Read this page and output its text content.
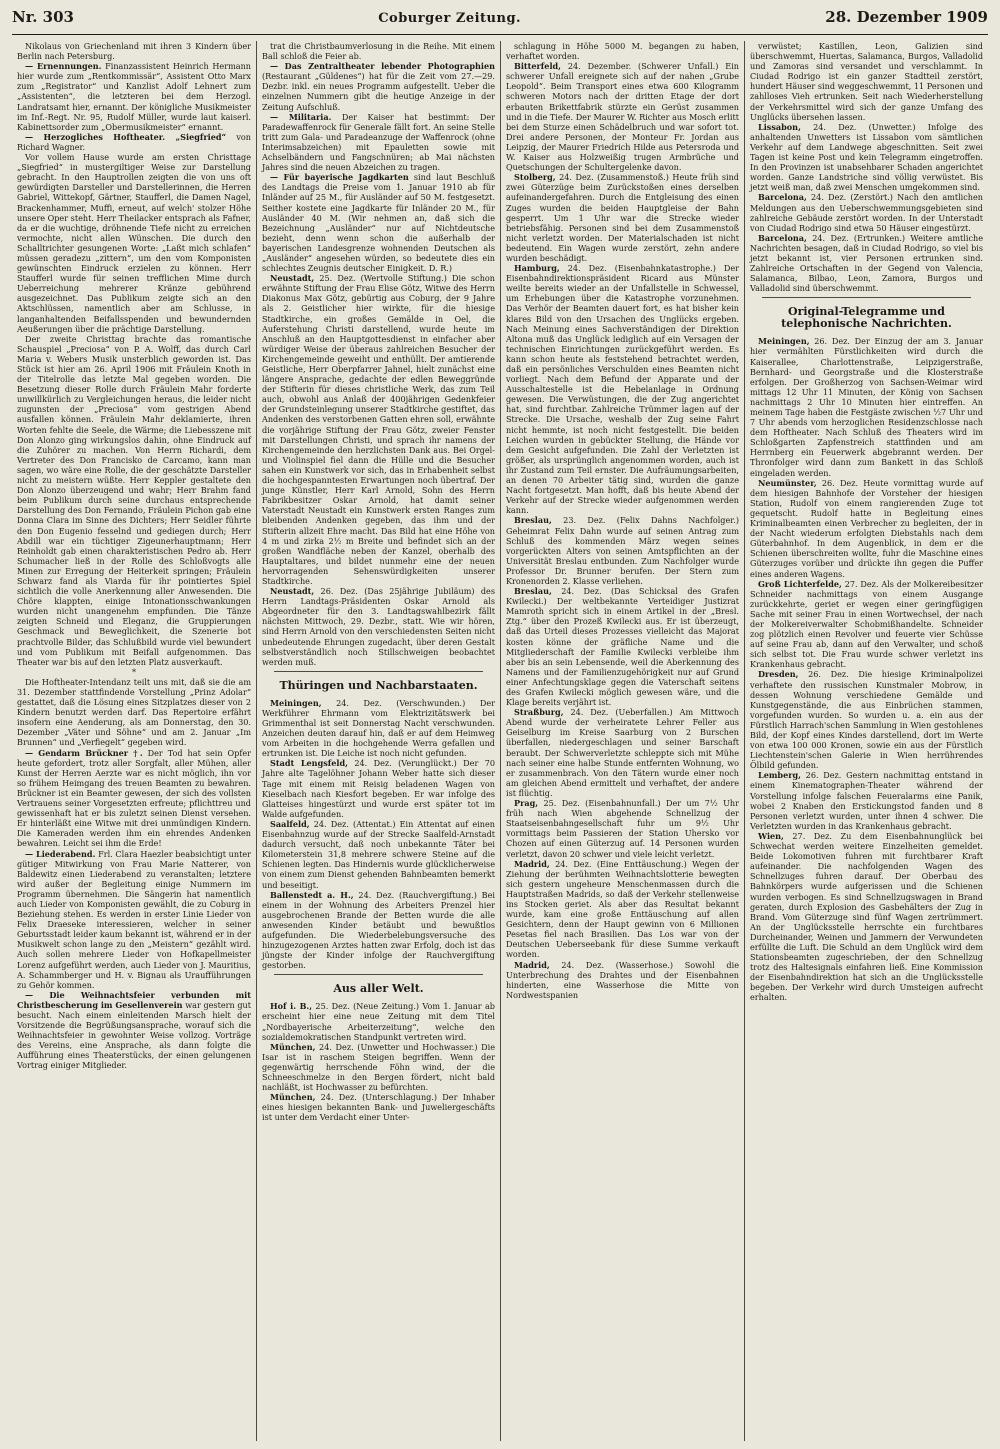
Nr. 303	Coburger Zeitung.	28. Dezember 1909

Nikolaus von Griechenland mit ihren 3 Kindern über Berlin nach Petersburg.

— Ernennungen. Finanzassistent Heinrich Hermann hier wurde zum „Rentkommissär“, Assistent Otto Marx zum „Registrator“ und Kanzlist Adolf Lehnert zum „Assistenten“, die letzteren bei dem Herzogl. Landratsamt hier, ernannt. Der königliche Musikmeister im Inf.-Regt. Nr. 95, Rudolf Müller, wurde laut kaiserl. Kabinettsorder zum „Obermusikmeister“ ernannt.

— Herzogliches Hoftheater. „Siegfried“ von Richard Wagner.

Vor vollem Hause wurde am ersten Christtage „Siegfried“ in mustergiltiger Weise zur Darstellung gebracht. In den Hauptrollen zeigten die von uns oft gewürdigten Darsteller und Darstellerinnen, die Herren Gabriel, Wittekopf, Gärtner, Staufferl, die Damen Nagel, Brackenhammer, Muffi, erneut, auf welch' stolzer Höhe unsere Oper steht. Herr Theilacker entsprach als Fafner, da er die wuchtige, dröhnende Tiefe nicht zu erreichen vermochte, nicht allen Wünschen. Die durch den Schalltrichter gesungenen Worte: „Laßt mich schlafen“ müssen geradezu „zittern“, um den vom Komponisten gewünschten Eindruck erzielen zu können. Herr Staufferl wurde für seinen trefflichen Mime durch Ueberreichung mehrerer Kränze gebührend ausgezeichnet. Das Publikum zeigte sich an den Aktschlüssen, namentlich aber am Schlusse, in langanhaltenden Beifallsspenden und bewundernden Aeußerungen über die prächtige Darstellung.

Der zweite Christtag brachte das romantische Schauspiel „Preciosa“ von P. A. Wolff, das durch Carl Maria v. Webers Musik unsterblich geworden ist. Das Stück ist hier am 26. April 1906 mit Fräulein Knoth in der Titelrolle das letzte Mal gegeben worden. Die Besetzung dieser Rolle durch Fräulein Mahr forderte unwillkürlich zu Vergleichungen heraus, die leider nicht zugunsten der „Preciosa“ vom gestrigen Abend ausfallen können. Fräulein Mahr deklamierte, ihren Worten fehlte die Seele, die Wärme; die Liebesszene mit Don Alonzo ging wirkungslos dahin, ohne Eindruck auf die Zuhörer zu machen. Von Herrn Richardi, dem Vertreter des Don Francisko de Carcamo, kann man sagen, wo wäre eine Rolle, die der geschätzte Darsteller nicht zu meistern wüßte. Herr Keppler gestaltete den Don Alonzo überzeugend und wahr; Herr Brahm fand beim Publikum durch seine durchaus entsprechende Darstellung des Don Fernando, Fräulein Pichon gab eine Donna Clara im Sinne des Dichters; Herr Seidler führte den Don Eugenio fesselnd und gediegen durch; Herr Abdill war ein tüchtiger Zigeunerhauptmann; Herr Reinholdt gab einen charakteristischen Pedro ab. Herr Schumacher ließ in der Rolle des Schloßvogts alle Minen zur Erregung der Heiterkeit springen; Fräulein Schwarz fand als Viarda für ihr pointiertes Spiel sichtlich die volle Anerkennung aller Anwesenden. Die Chöre klappten, einige Intonationsschwankungen wurden nicht unangenehm empfunden. Die Tänze zeigten Schneid und Eleganz, die Gruppierungen Geschmack und Beweglichkeit, die Szenerie bot prachtvolle Bilder, das Schlußbild wurde viel bewundert und vom Publikum mit Beifall aufgenommen. Das Theater war bis auf den letzten Platz ausverkauft.

*

Die Hoftheater-Intendanz teilt uns mit, daß sie die am 31. Dezember stattfindende Vorstellung „Prinz Adolar“ gestattet, daß die Lösung eines Sitzplatzes dieser von 2 Kindern benutzt werden darf. Das Repertoire erfährt insofern eine Aenderung, als am Donnerstag, den 30. Dezember „Väter und Söhne“ und am 2. Januar „Im Brunnen“ und „Verfiegelt“ gegeben wird.

— Gendarm Brückner †. Der Tod hat sein Opfer heute gefordert, trotz aller Sorgfalt, aller Mühen, aller Kunst der Herren Aerzte war es nicht möglich, ihn vor so frühem Heimgang des treuen Beamten zu bewahren. Brückner ist ein Beamter gewesen, der sich des vollsten Vertrauens seiner Vorgesetzten erfreute; pflichttreu und gewissenhaft hat er bis zuletzt seinen Dienst versehen. Er hinterläßt eine Witwe mit drei unmündigen Kindern. Die Kameraden werden ihm ein ehrendes Andenken bewahren. Leicht sei ihm die Erde!

— Liederabend. Frl. Clara Haezler beabsichtigt unter gütiger Mitwirkung von Frau Marie Natterer, von Baldewitz einen Liederabend zu veranstalten; letztere wird außer der Begleitung einige Nummern im Programm übernehmen. Die Sängerin hat namentlich auch Lieder von Komponisten gewählt, die zu Coburg in Beziehung stehen. Es werden in erster Linie Lieder von Felix Draeseke interessieren, welcher in seiner Geburtsstadt leider kaum bekannt ist, während er in der Musikwelt schon lange zu den „Meistern“ gezählt wird. Auch sollen mehrere Lieder von Hofkapellmeister Lorenz aufgeführt werden, auch Lieder von J. Mauritius, A. Schammberger und H. v. Bignau als Uraufführungen zu Gehör kommen.

— Die Weihnachtsfeier verbunden mit Christbescherung im Gesellenverein war gestern gut besucht. Nach einem einleitenden Marsch hielt der Vorsitzende die Begrüßungsansprache, worauf sich die Weihnachtsfeier in gewohnter Weise vollzog. Vorträge des Vereins, eine Ansprache, als dann folgte die Aufführung eines Theaterstücks, der einen gelungenen Vortrag einiger Mitglieder.

trat die Christbaumverlosung in die Reihe. Mit einem Ball schloß die Feier ab.

— Das Zentraltheater lebender Photographien (Restaurant „Güldenes“) hat für die Zeit vom 27.—29. Dezbr. inkl. ein neues Programm aufgestellt. Ueber die einzelnen Nummern gibt die heutige Anzeige in der Zeitung Aufschluß.

— Militaria. Der Kaiser hat bestimmt: Der Paradewaffenrock für Generale fällt fort. An seine Stelle tritt zum Gala- und Paradeanzuge der Waffenrock (ohne Interimsabzeichen) mit Epauletten sowie mit Achselbändern und Fangschnüren; ab Mai nächsten Jahres sind die neuen Abzeichen zu tragen.

— Für bayerische Jagdkarten sind laut Beschluß des Landtags die Preise vom 1. Januar 1910 ab für Inländer auf 25 M., für Ausländer auf 50 M. festgesetzt. Seither kostete eine Jagdkarte für Inländer 20 M., für Ausländer 40 M. (Wir nehmen an, daß sich die Bezeichnung „Ausländer“ nur auf Nichtdeutsche bezieht, denn wenn schon die außerhalb der bayerischen Landesgrenze wohnenden Deutschen als „Ausländer“ angesehen würden, so bedeutete dies ein schlechtes Zeugnis deutscher Einigkeit. D. R.)

Neustadt, 25. Dez. (Wertvolle Stiftung.) Die schon erwähnte Stiftung der Frau Elise Götz, Witwe des Herrn Diakonus Max Götz, gebürtig aus Coburg, der 9 Jahre als 2. Geistlicher hier wirkte, für die hiesige Stadtkirche, ein großes Gemälde in Oel, die Auferstehung Christi darstellend, wurde heute im Anschluß an den Hauptgottesdienst in einfacher aber würdiger Weise der überaus zahlreichen Besucher der Kirchengemeinde geweiht und enthüllt. Der amtierende Geistliche, Herr Oberpfarrer Jahnel, hielt zunächst eine längere Ansprache, gedachte der edlen Beweggründe der Stifterin für dieses christliche Werk, das zum Teil auch, obwohl aus Anlaß der 400jährigen Gedenkfeier der Grundsteinlegung unserer Stadtkirche gestiftet, das Andenken des verstorbenen Gatten ehren soll, erwähnte die vorjährige Stiftung der Frau Götz, zweier Fenster mit Darstellungen Christi, und sprach ihr namens der Kirchengemeinde den herzlichsten Dank aus. Bei Orgel- und Violinspiel fiel dann die Hülle und die Besucher sahen ein Kunstwerk vor sich, das in Erhabenheit selbst die hochgespanntesten Erwartungen noch übertraf. Der junge Künstler, Herr Karl Arnold, Sohn des Herrn Fabrikbesitzer Oskar Arnold, hat damit seiner Vaterstadt Neustadt ein Kunstwerk ersten Ranges zum bleibenden Andenken gegeben, das ihm und der Stifterin allzeit Ehre macht. Das Bild hat eine Höhe von 4 m und zirka 2½ m Breite und befindet sich an der großen Wandfläche neben der Kanzel, oberhalb des Hauptaltares, und bildet nunmehr eine der neuen hervorragenden Sehenswürdigkeiten unserer Stadtkirche.

Neustadt, 26. Dez. (Das 25jährige Jubiläum) des Herrn Landtags-Präsidenten Oskar Arnold als Abgeordneter für den 3. Landtagswahlbezirk fällt nächsten Mittwoch, 29. Dezbr., statt. Wie wir hören, sind Herrn Arnold von den verschiedensten Seiten nicht unbedeutende Ehrungen zugedacht, über deren Gestalt selbstverständlich noch Stillschweigen beobachtet werden muß.

Thüringen und Nachbarstaaten.

Meiningen, 24. Dez. (Verschwunden.) Der Werkführer Ehrmann vom Elektrizitätswerk bei Grimmenthal ist seit Donnerstag Nacht verschwunden. Anzeichen deuten darauf hin, daß er auf dem Heimweg vom Arbeiten in die hochgehende Werra gefallen und ertrunken ist. Die Leiche ist noch nicht gefunden.

Stadt Lengsfeld, 24. Dez. (Verunglückt.) Der 70 Jahre alte Tagelöhner Johann Weber hatte sich dieser Tage mit einem mit Reisig beladenen Wagen von Kieselbach nach Kiesfort begeben. Er war infolge des Glatteises hingestürzt und wurde erst später tot im Walde aufgefunden.

Saalfeld, 24. Dez. (Attentat.) Ein Attentat auf einen Eisenbahnzug wurde auf der Strecke Saalfeld-Arnstadt dadurch versucht, daß noch unbekannte Täter bei Kilometerstein 31,8 mehrere schwere Steine auf die Schienen legten. Das Hindernis wurde glücklicherweise von einem zum Dienst gehenden Bahnbeamten bemerkt und beseitigt.

Ballenstedt a. H., 24. Dez. (Rauchvergiftung.) Bei einem in der Wohnung des Arbeiters Prenzel hier ausgebrochenen Brande der Betten wurde die alle anwesenden Kinder betäubt und bewußtlos aufgefunden. Die Wiederbelebungsversuche des hinzugezogenen Arztes hatten zwar Erfolg, doch ist das jüngste der Kinder infolge der Rauchvergiftung gestorben.

Aus aller Welt.

Hof i. B., 25. Dez. (Neue Zeitung.) Vom 1. Januar ab erscheint hier eine neue Zeitung mit dem Titel „Nordbayerische Arbeiterzeitung“, welche den sozialdemokratischen Standpunkt vertreten wird.

München, 24. Dez. (Unwetter und Hochwasser.) Die Isar ist in raschem Steigen begriffen. Wenn der gegenwärtig herrschende Föhn wind, der die Schneeschmelze in den Bergen fördert, nicht bald nachläßt, ist Hochwasser zu befürchten.

München, 24. Dez. (Unterschlagung.) Der Inhaber eines hiesigen bekannten Bank- und Juweliergeschäfts ist unter dem Verdacht einer Unter-

schlagung in Höhe 5000 M. begangen zu haben, verhaftet worden.

Bitterfeld, 24. Dezember. (Schwerer Unfall.) Ein schwerer Unfall ereignete sich auf der nahen „Grube Leopold“. Beim Transport eines etwa 600 Kilogramm schweren Motors nach der dritten Etage der dort erbauten Brikettfabrik stürzte ein Gerüst zusammen und in die Tiefe. Der Maurer W. Richter aus Mosch erlitt bei dem Sturze einen Schädelbruch und war sofort tot. Drei andere Personen, der Monteur Fr. Jordan aus Leipzig, der Maurer Friedrich Hilde aus Petersroda und W. Kaiser aus Holzweißig trugen Armbrüche und Quetschungen der Schultergelenke davon.

Stolberg, 24. Dez. (Zusammenstoß.) Heute früh sind zwei Güterzüge beim Zurückstoßen eines derselben aufeinandergefahren. Durch die Entgleisung des einen Zuges wurden die beiden Hauptgleise der Bahn gesperrt. Um 1 Uhr war die Strecke wieder betriebsfähig. Personen sind bei dem Zusammenstoß nicht verletzt worden. Der Materialschaden ist nicht bedeutend. Ein Wagen wurde zerstört, zehn andere wurden beschädigt.

Hamburg, 24. Dez. (Eisenbahnkatastrophe.) Der Eisenbahndirektionspräsident Ricard aus Münster weilte bereits wieder an der Unfallstelle in Schwessel, um Erhebungen über die Katastrophe vorzunehmen. Das Verhör der Beamten dauert fort, es hat bisher kein klares Bild von den Ursachen des Unglücks ergeben. Nach Meinung eines Sachverständigen der Direktion Altona muß das Unglück lediglich auf ein Versagen der technischen Einrichtungen zurückgeführt werden. Es kann schon heute als feststehend betrachtet werden, daß ein persönliches Verschulden eines Beamten nicht vorliegt. Nach dem Befund der Apparate und der Ausschaltestelle ist die Hebelanlage in Ordnung gewesen. Die Verwüstungen, die der Zug angerichtet hat, sind furchtbar. Zahlreiche Trümmer lagen auf der Strecke. Die Ursache, weshalb der Zug seine Fahrt nicht hemmte, ist noch nicht festgestellt. Die beiden Leichen wurden in gebückter Stellung, die Hände vor dem Gesicht aufgefunden. Die Zahl der Verletzten ist größer, als ursprünglich angenommen worden, auch ist ihr Zustand zum Teil ernster. Die Aufräumungsarbeiten, an denen 70 Arbeiter tätig sind, wurden die ganze Nacht fortgesetzt. Man hofft, daß bis heute Abend der Verkehr auf der Strecke wieder aufgenommen werden kann.

Breslau, 23. Dez. (Felix Dahns Nachfolger.) Geheimrat Felix Dahn wurde auf seinen Antrag zum Schluß des kommenden März wegen seines vorgerückten Alters von seinen Amtspflichten an der Universität Breslau entbunden. Zum Nachfolger wurde Professor Dr. Brunner berufen. Der Stern zum Kronenorden 2. Klasse verliehen.

Breslau, 24. Dez. (Das Schicksal des Grafen Kwilecki.) Der weltbekannte Verteidiger Justizrat Mamroth spricht sich in einem Artikel in der „Bresl. Ztg.“ über den Prozeß Kwilecki aus. Er ist überzeugt, daß das Urteil dieses Prozesses vielleicht das Majorat kosten könne der gräfliche Name und die Mitgliederschaft der Familie Kwilecki verbleibe ihm aber bis an sein Lebensende, weil die Aberkennung des Namens und der Familienzugehörigkeit nur auf Grund einer Anfechtungsklage gegen die Vaterschaft seitens des Grafen Kwilecki möglich gewesen wäre, und die Klage bereits verjährt ist.

Straßburg, 24. Dez. (Ueberfallen.) Am Mittwoch Abend wurde der verheiratete Lehrer Feller aus Geiselburg im Kreise Saarburg von 2 Burschen überfallen, niedergeschlagen und seiner Barschaft beraubt. Der Schwerverletzte schleppte sich mit Mühe nach seiner eine halbe Stunde entfernten Wohnung, wo er zusammenbrach. Von den Tätern wurde einer noch am gleichen Abend ermittelt und verhaftet, der andere ist flüchtig.

Prag, 25. Dez. (Eisenbahnunfall.) Der um 7½ Uhr früh nach Wien abgehende Schnellzug der Staatseisenbahngesellschaft fuhr um 9½ Uhr vormittags beim Passieren der Station Uhersko vor Chozen auf einen Güterzug auf. 14 Personen wurden verletzt, davon 20 schwer und viele leicht verletzt.

Madrid, 24. Dez. (Eine Enttäuschung.) Wegen der Ziehung der berühmten Weihnachtslotterie bewegten sich gestern ungeheure Menschenmassen durch die Hauptstraßen Madrids, so daß der Verkehr stellenweise ins Stocken geriet. Als aber das Resultat bekannt wurde, kam eine große Enttäuschung auf allen Gesichtern, denn der Haupt gewinn von 6 Millionen Pesetas fiel nach Brasilien. Das Los war von der Deutschen Ueberseebank für diese Summe verkauft worden.

Madrid, 24. Dez. (Wasserhose.) Sowohl die Unterbrechung des Drahtes und der Eisenbahnen hinderten, eine Wasserhose die Mitte von Nordwestspanien

verwüstet; Kastillen, Leon, Galizien sind überschwemmt, Huertas, Salamanca, Burgos, Valladolid und Zamoras sind versandet und verschlammt. In Ciudad Rodrigo ist ein ganzer Stadtteil zerstört, hundert Häuser sind weggeschwemmt, 11 Personen und zahlloses Vieh ertrunken. Seit nach Wiederherstellung der Verkehrsmittel wird sich der ganze Umfang des Unglücks übersehen lassen.

Lissabon, 24. Dez. (Unwetter.) Infolge des anhaltenden Unwetters ist Lissabon vom sämtlichen Verkehr auf dem Landwege abgeschnitten. Seit zwei Tagen ist keine Post und kein Telegramm eingetroffen. In den Provinzen ist unabsehbarer Schaden angerichtet worden. Ganze Landstriche sind völlig verwüstet. Bis jetzt weiß man, daß zwei Menschen umgekommen sind.

Barcelona, 24. Dez. (Zerstört.) Nach den amtlichen Meldungen aus den Ueberschwemmungsgebieten sind zahlreiche Gebäude zerstört worden. In der Unterstadt von Ciudad Rodrigo sind etwa 50 Häuser eingestürzt.

Barcelona, 24. Dez. (Ertrunken.) Weitere amtliche Nachrichten besagen, daß in Ciudad Rodrigo, so viel bis jetzt bekannt ist, vier Personen ertrunken sind. Zahlreiche Ortschaften in der Gegend von Valencia, Salamanca, Bilbao, Leon, Zamora, Burgos und Valladolid sind überschwemmt.

Original-Telegramme und telephonische Nachrichten.

Meiningen, 26. Dez. Der Einzug der am 3. Januar hier vermählten Fürstlichkeiten wird durch die Kaiserallee, Charlottenstraße, Leipzigerstraße, Bernhard- und Georgstraße und die Klosterstraße erfolgen. Der Großherzog von Sachsen-Weimar wird mittags 12 Uhr 11 Minuten, der König von Sachsen nachmittags 2 Uhr 10 Minuten hier eintreffen. An meinem Tage haben die Festgäste zwischen ½7 Uhr und 7 Uhr abends vom herzoglichen Residenzschlosse nach dem Hoftheater. Nach Schluß des Theaters wird im Schloßgarten Zapfenstreich stattfinden und am Herrnberg ein Feuerwerk abgebrannt werden. Der Thronfolger wird dann zum Bankett in das Schloß eingeladen werden.

Neumünster, 26. Dez. Heute vormittag wurde auf dem hiesigen Bahnhofe der Vorsteher der hiesigen Station, Rudolf von einem rangierenden Zuge tot gequetscht. Rudolf hatte in Begleitung eines Kriminalbeamten einen Verbrecher zu begleiten, der in der Nacht wiederum erfolgten Diebstahls nach dem Güterbahnhof. In dem Augenblick, in dem er die Schienen überschreiten wollte, fuhr die Maschine eines Güterzuges vorüber und drückte ihn gegen die Puffer eines anderen Wagens.

Groß Lichterfelde, 27. Dez. Als der Molkereibesitzer Schneider nachmittags von einem Ausgange zurückkehrte, geriet er wegen einer geringfügigen Sache mit seiner Frau in einen Wortwechsel, der nach der Molkereiverwalter Schobmißhandelte. Schneider zog plötzlich einen Revolver und feuerte vier Schüsse auf seine Frau ab, dann auf den Verwalter, und schoß sich selbst tot. Die Frau wurde schwer verletzt ins Krankenhaus gebracht.

Dresden, 26. Dez. Die hiesige Kriminalpolizei verhaftete den russischen Kunstmaler Mobrow, in dessen Wohnung verschiedene Gemälde und Kunstgegenstände, die aus Einbrüchen stammen, vorgefunden wurden. So wurden u. a. ein aus der Fürstlich Harrach'schen Sammlung in Wien gestohlenes Bild, der Kopf eines Kindes darstellend, dort im Werte von etwa 100 000 Kronen, sowie ein aus der Fürstlich Liechtenstein'schen Galerie in Wien herrührendes Ölbild gefunden.

Lemberg, 26. Dez. Gestern nachmittag entstand in einem Kinematographen-Theater während der Vorstellung infolge falschen Feueralarms eine Panik, wobei 2 Knaben den Erstickungstod fanden und 8 Personen verletzt wurden, unter ihnen 4 schwer. Die Verletzten wurden in das Krankenhaus gebracht.

Wien, 27. Dez. Zu dem Eisenbahnunglück bei Schwechat werden weitere Einzelheiten gemeldet. Beide Lokomotiven fuhren mit furchtbarer Kraft aufeinander. Die nachfolgenden Wagen des Schnellzuges fuhren darauf. Der Oberbau des Bahnkörpers wurde aufgerissen und die Schienen wurden verbogen. Es sind Schnellzugswagen in Brand geraten, durch Explosion des Gasbehälters der Zug in Brand. Vom Güterzuge sind fünf Wagen zertrümmert. An der Unglücksstelle herrschte ein furchtbares Durcheinander, Weinen und Jammern der Verwundeten erfüllte die Luft. Die Schuld an dem Unglück wird dem Stationsbeamten zugeschrieben, der den Schnellzug trotz des Haltesignals einfahren ließ. Eine Kommission der Eisenbahndirektion hat sich an die Unglücksstelle begeben. Der Verkehr wird durch Umsteigen aufrecht erhalten.
